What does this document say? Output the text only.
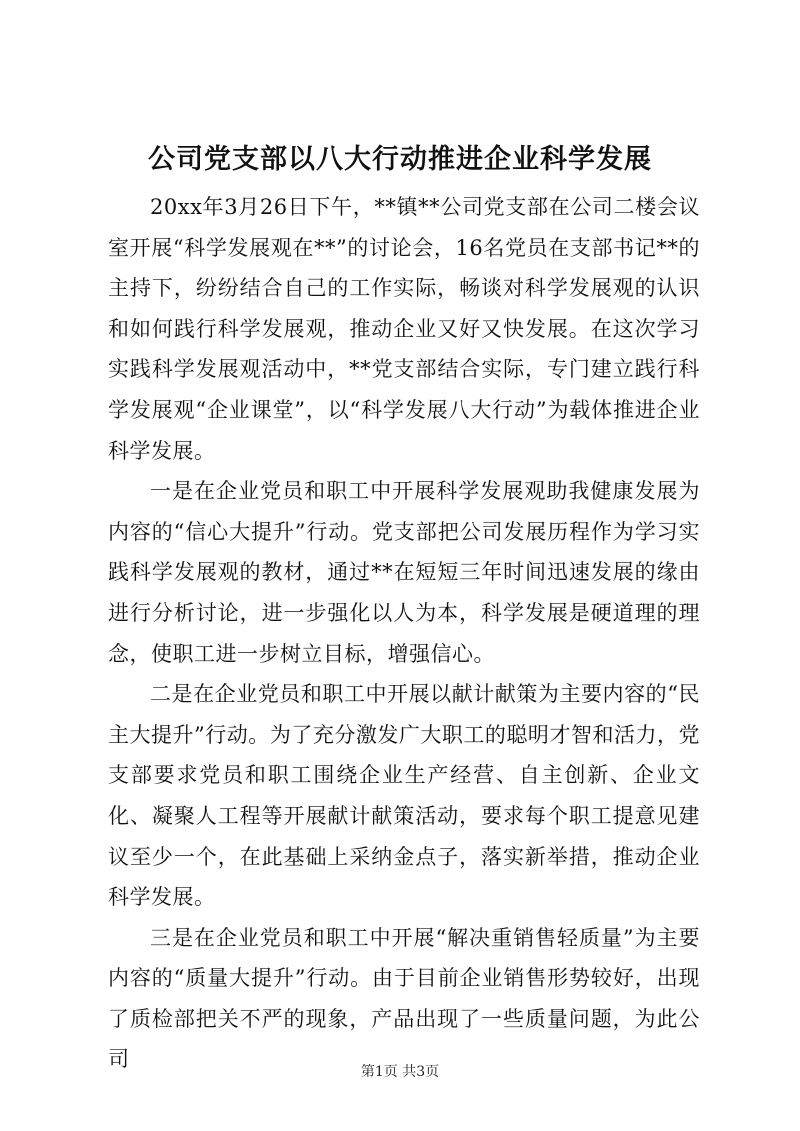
公司党支部以八大行动推进企业科学发展

20xx年3月26日下午，**镇**公司党支部在公司二楼会议室开展“科学发展观在**”的讨论会，16名党员在支部书记**的主持下，纷纷结合自己的工作实际，畅谈对科学发展观的认识和如何践行科学发展观，推动企业又好又快发展。在这次学习实践科学发展观活动中，**党支部结合实际，专门建立践行科学发展观“企业课堂”，以“科学发展八大行动”为载体推进企业科学发展。

一是在企业党员和职工中开展科学发展观助我健康发展为内容的“信心大提升”行动。党支部把公司发展历程作为学习实践科学发展观的教材，通过**在短短三年时间迅速发展的缘由进行分析讨论，进一步强化以人为本，科学发展是硬道理的理念，使职工进一步树立目标，增强信心。

二是在企业党员和职工中开展以献计献策为主要内容的“民主大提升”行动。为了充分激发广大职工的聪明才智和活力，党支部要求党员和职工围绕企业生产经营、自主创新、企业文化、凝聚人工程等开展献计献策活动，要求每个职工提意见建议至少一个，在此基础上采纳金点子，落实新举措，推动企业科学发展。

三是在企业党员和职工中开展“解决重销售轻质量”为主要内容的“质量大提升”行动。由于目前企业销售形势较好，出现了质检部把关不严的现象，产品出现了一些质量问题，为此公司

第1页 共3页
